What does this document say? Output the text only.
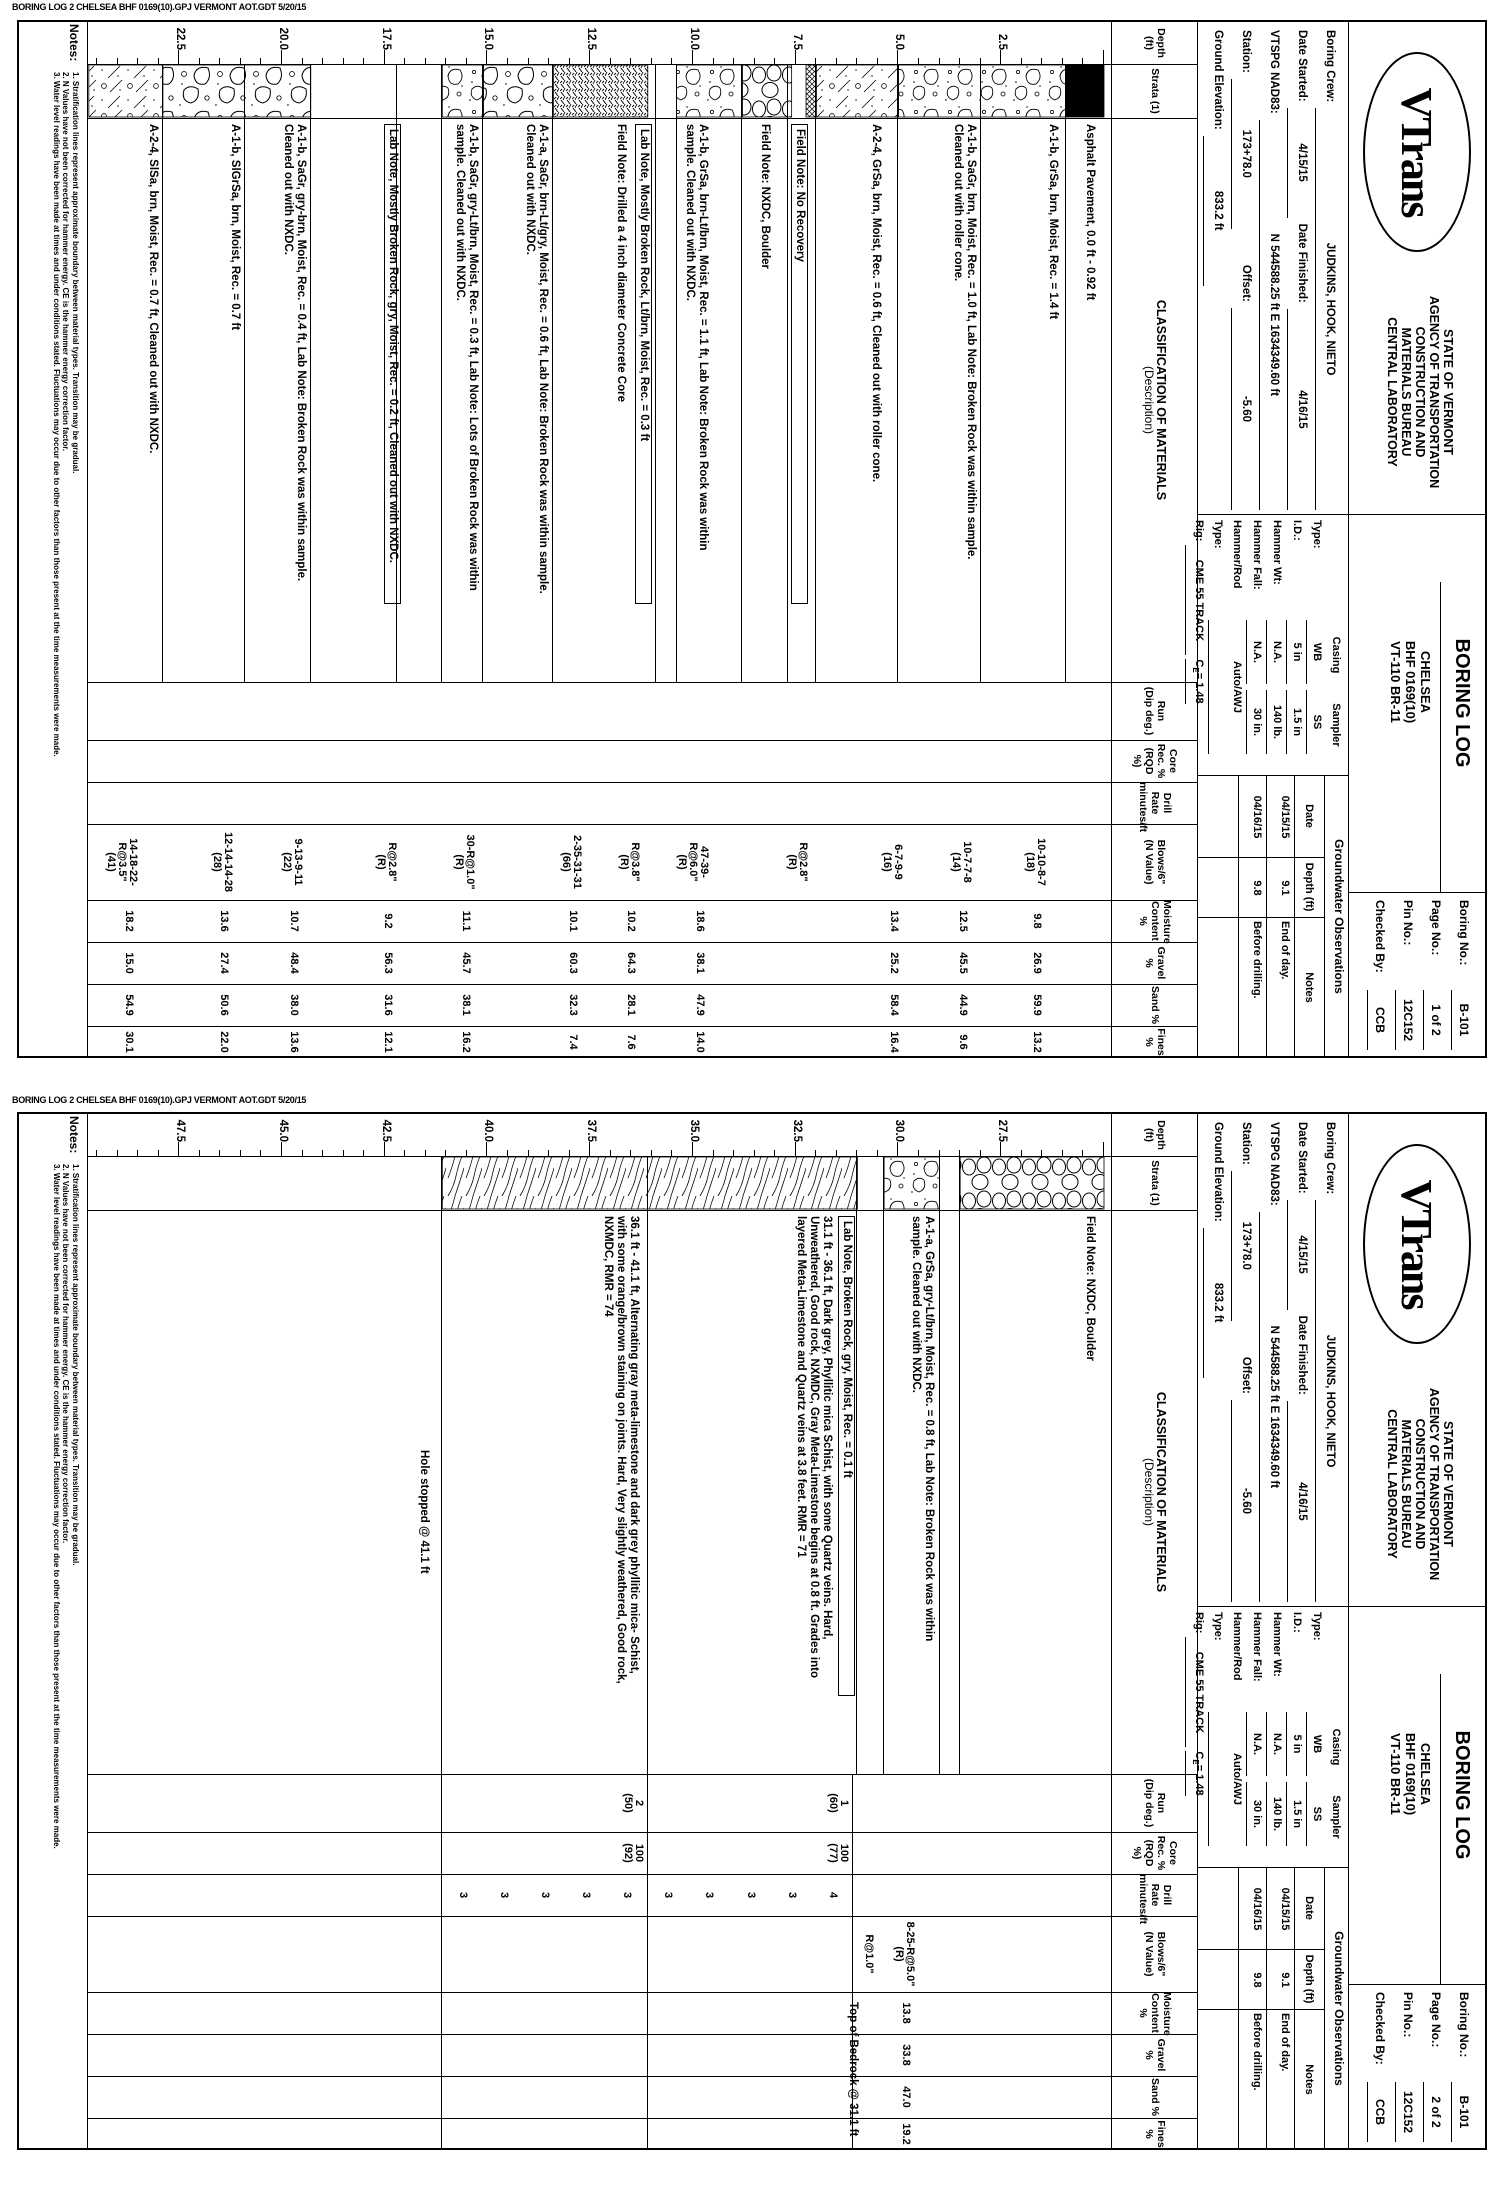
BORING LOG 2 CHELSEA BHF 0169(10).GPJ VERMONT AOT.GDT 5/20/15
VTrans
STATE OF VERMONT
AGENCY OF TRANSPORTATION
CONSTRUCTION AND
MATERIALS BUREAU
CENTRAL LABORATORY
BORING LOG
CHELSEA
BHF 0169(10)
VT-110 BR-11
Boring No.:
B-101
Page No.:
1 of 2
Pin No.:
12C152
Checked By:
CCB
Boring Crew:
JUDKINS, HOOK, NIETO
Date Started:
4/15/15
Date Finished:
4/16/15
VTSPG NAD83:
N 544588.25 ft E 1634349.60 ft
Station:
173+78.0
Offset:
-5.60
Ground Elevation:
833.2 ft
Casing
Sampler
Type:
WB
SS
I.D.:
5 in
1.5 in
Hammer Wt:
N.A.
140 lb.
Hammer Fall:
N.A.
30 in.
Hammer/Rod Type:
Auto/AWJ
Rig:
CME 55 TRACK
$C_E= 1.48$
Groundwater Observations
Date
Depth (ft)
Notes
04/15/15
9.1
End of day.
04/16/15
9.8
Before drilling.
Depth
(ft)
Strata (1)
CLASSIFICATION OF MATERIALS
(Description)
Run
(Dip deg.)
Core Rec. %
(RQD %)
Drill Rate
minutes/ft
Blows/6"
(N Value)
Moisture
Content %
Gravel %
Sand %
Fines %
2.5
5.0
7.5
10.0
12.5
15.0
17.5
20.0
22.5
Asphalt Pavement, 0.0 ft - 0.92 ft
A-1-b, GrSa, brn, Moist, Rec. = 1.4 ft
A-1-b, SaGr, brn, Moist, Rec. = 1.0 ft, Lab Note: Broken Rock was within sample. Cleaned out with roller cone.
A-2-4, GrSa, brn, Moist, Rec. = 0.6 ft, Cleaned out with roller cone.
Field Note: No Recovery
Field Note: NXDC, Boulder
A-1-b, GrSa, brn-Lt/brn, Moist, Rec. = 1.1 ft, Lab Note: Broken Rock was within sample. Cleaned out with NXDC.
Lab Note, Mostly Broken Rock, Lt/brn, Moist, Rec. = 0.3 ft
Field Note: Drilled a 4 inch diameter Concrete Core
A-1-a, SaGr, brn-Lt/gry, Moist, Rec. = 0.6 ft, Lab Note: Broken Rock was within sample. Cleaned out with NXDC.
A-1-b, SaGr, gry-Lt/brn, Moist, Rec. = 0.3 ft, Lab Note: Lots of Broken Rock was within sample. Cleaned out with NXDC.
Lab Note, Mostly Broken Rock, gry, Moist, Rec. = 0.2 ft, Cleaned out with NXDC.
A-1-b, SaGr, gry-brn, Moist, Rec. = 0.4 ft, Lab Note: Broken Rock was within sample. Cleaned out with NXDC.
A-1-b, SlGrSa, brn, Moist, Rec. = 0.7 ft
A-2-4, SlSa, brn, Moist, Rec. = 0.7 ft, Cleaned out with NXDC.
10-10-8-7
(18)
9.8
26.9
59.9
13.2
10-7-7-8
(14)
12.5
45.5
44.9
9.6
6-7-9-9
(16)
13.4
25.2
58.4
16.4
R@2.8"
(R)
47-39-R@6.0"
(R)
18.6
38.1
47.9
14.0
R@3.8"
(R)
10.2
64.3
28.1
7.6
2-35-31-31
(66)
10.1
60.3
32.3
7.4
30-R@1.0"
(R)
11.1
45.7
38.1
16.2
R@2.8"
(R)
9.2
56.3
31.6
12.1
9-13-9-11
(22)
10.7
48.4
38.0
13.6
12-14-14-28
(28)
13.6
27.4
50.6
22.0
14-18-22-R@3.5"
(41)
18.2
15.0
54.9
30.1
Notes:
1. Stratification lines represent approximate boundary between material types. Transition may be gradual.
2. N Values have not been corrected for hammer energy. CE is the hammer energy correction factor.
3. Water level readings have been made at times and under conditions stated. Fluctuations may occur due to other factors than those present at the time measurements were made.
BORING LOG 2 CHELSEA BHF 0169(10).GPJ VERMONT AOT.GDT 5/20/15
VTrans
STATE OF VERMONT
AGENCY OF TRANSPORTATION
CONSTRUCTION AND
MATERIALS BUREAU
CENTRAL LABORATORY
BORING LOG
CHELSEA
BHF 0169(10)
VT-110 BR-11
Boring No.:
B-101
Page No.:
2 of 2
Pin No.:
12C152
Checked By:
CCB
Boring Crew:
JUDKINS, HOOK, NIETO
Date Started:
4/15/15
Date Finished:
4/16/15
VTSPG NAD83:
N 544588.25 ft E 1634349.60 ft
Station:
173+78.0
Offset:
-5.60
Ground Elevation:
833.2 ft
Casing
Sampler
Type:
WB
SS
I.D.:
5 in
1.5 in
Hammer Wt:
N.A.
140 lb.
Hammer Fall:
N.A.
30 in.
Hammer/Rod Type:
Auto/AWJ
Rig:
CME 55 TRACK
$C_E= 1.48$
Groundwater Observations
Date
Depth (ft)
Notes
04/15/15
9.1
End of day.
04/16/15
9.8
Before drilling.
Depth
(ft)
Strata (1)
CLASSIFICATION OF MATERIALS
(Description)
Run
(Dip deg.)
Core Rec. %
(RQD %)
Drill Rate
minutes/ft
Blows/6"
(N Value)
Moisture
Content %
Gravel %
Sand %
Fines %
27.5
30.0
32.5
35.0
37.5
40.0
42.5
45.0
47.5
Field Note: NXDC, Boulder
A-1-a, GrSa, gry-Lt/brn, Moist, Rec. = 0.8 ft, Lab Note: Broken Rock was within sample. Cleaned out with NXDC.
Lab Note, Broken Rock, gry, Moist, Rec. = 0.1 ft
31.1 ft - 36.1 ft, Dark grey, Phyllitic mica Schist, with some Quartz veins. Hard, Unweathered, Good rock, NXMDC, Gray Meta-Limestone begins at 0.8 ft. Grades into layered Meta-Limestone and Quartz veins at 3.8 feet. RMR = 71
36.1 ft - 41.1 ft, Alternating gray meta-limestone and dark grey phyllitic mica- Schist, with some orange/brown staining on joints. Hard, Very slightly weathered, Good rock, NXMDC, RMR = 74
Hole stopped @ 41.1 ft
8-25-R@5.0"
(R)
13.8
33.8
47.0
19.2
R@1.0"
Top of Bedrock @ 31.1 ft
1
(60)
100
(77)
2
(50)
100
(92)
4
3
3
3
3
3
3
3
3
3
Notes:
1. Stratification lines represent approximate boundary between material types. Transition may be gradual.
2. N Values have not been corrected for hammer energy. CE is the hammer energy correction factor.
3. Water level readings have been made at times and under conditions stated. Fluctuations may occur due to other factors than those present at the time measurements were made.
